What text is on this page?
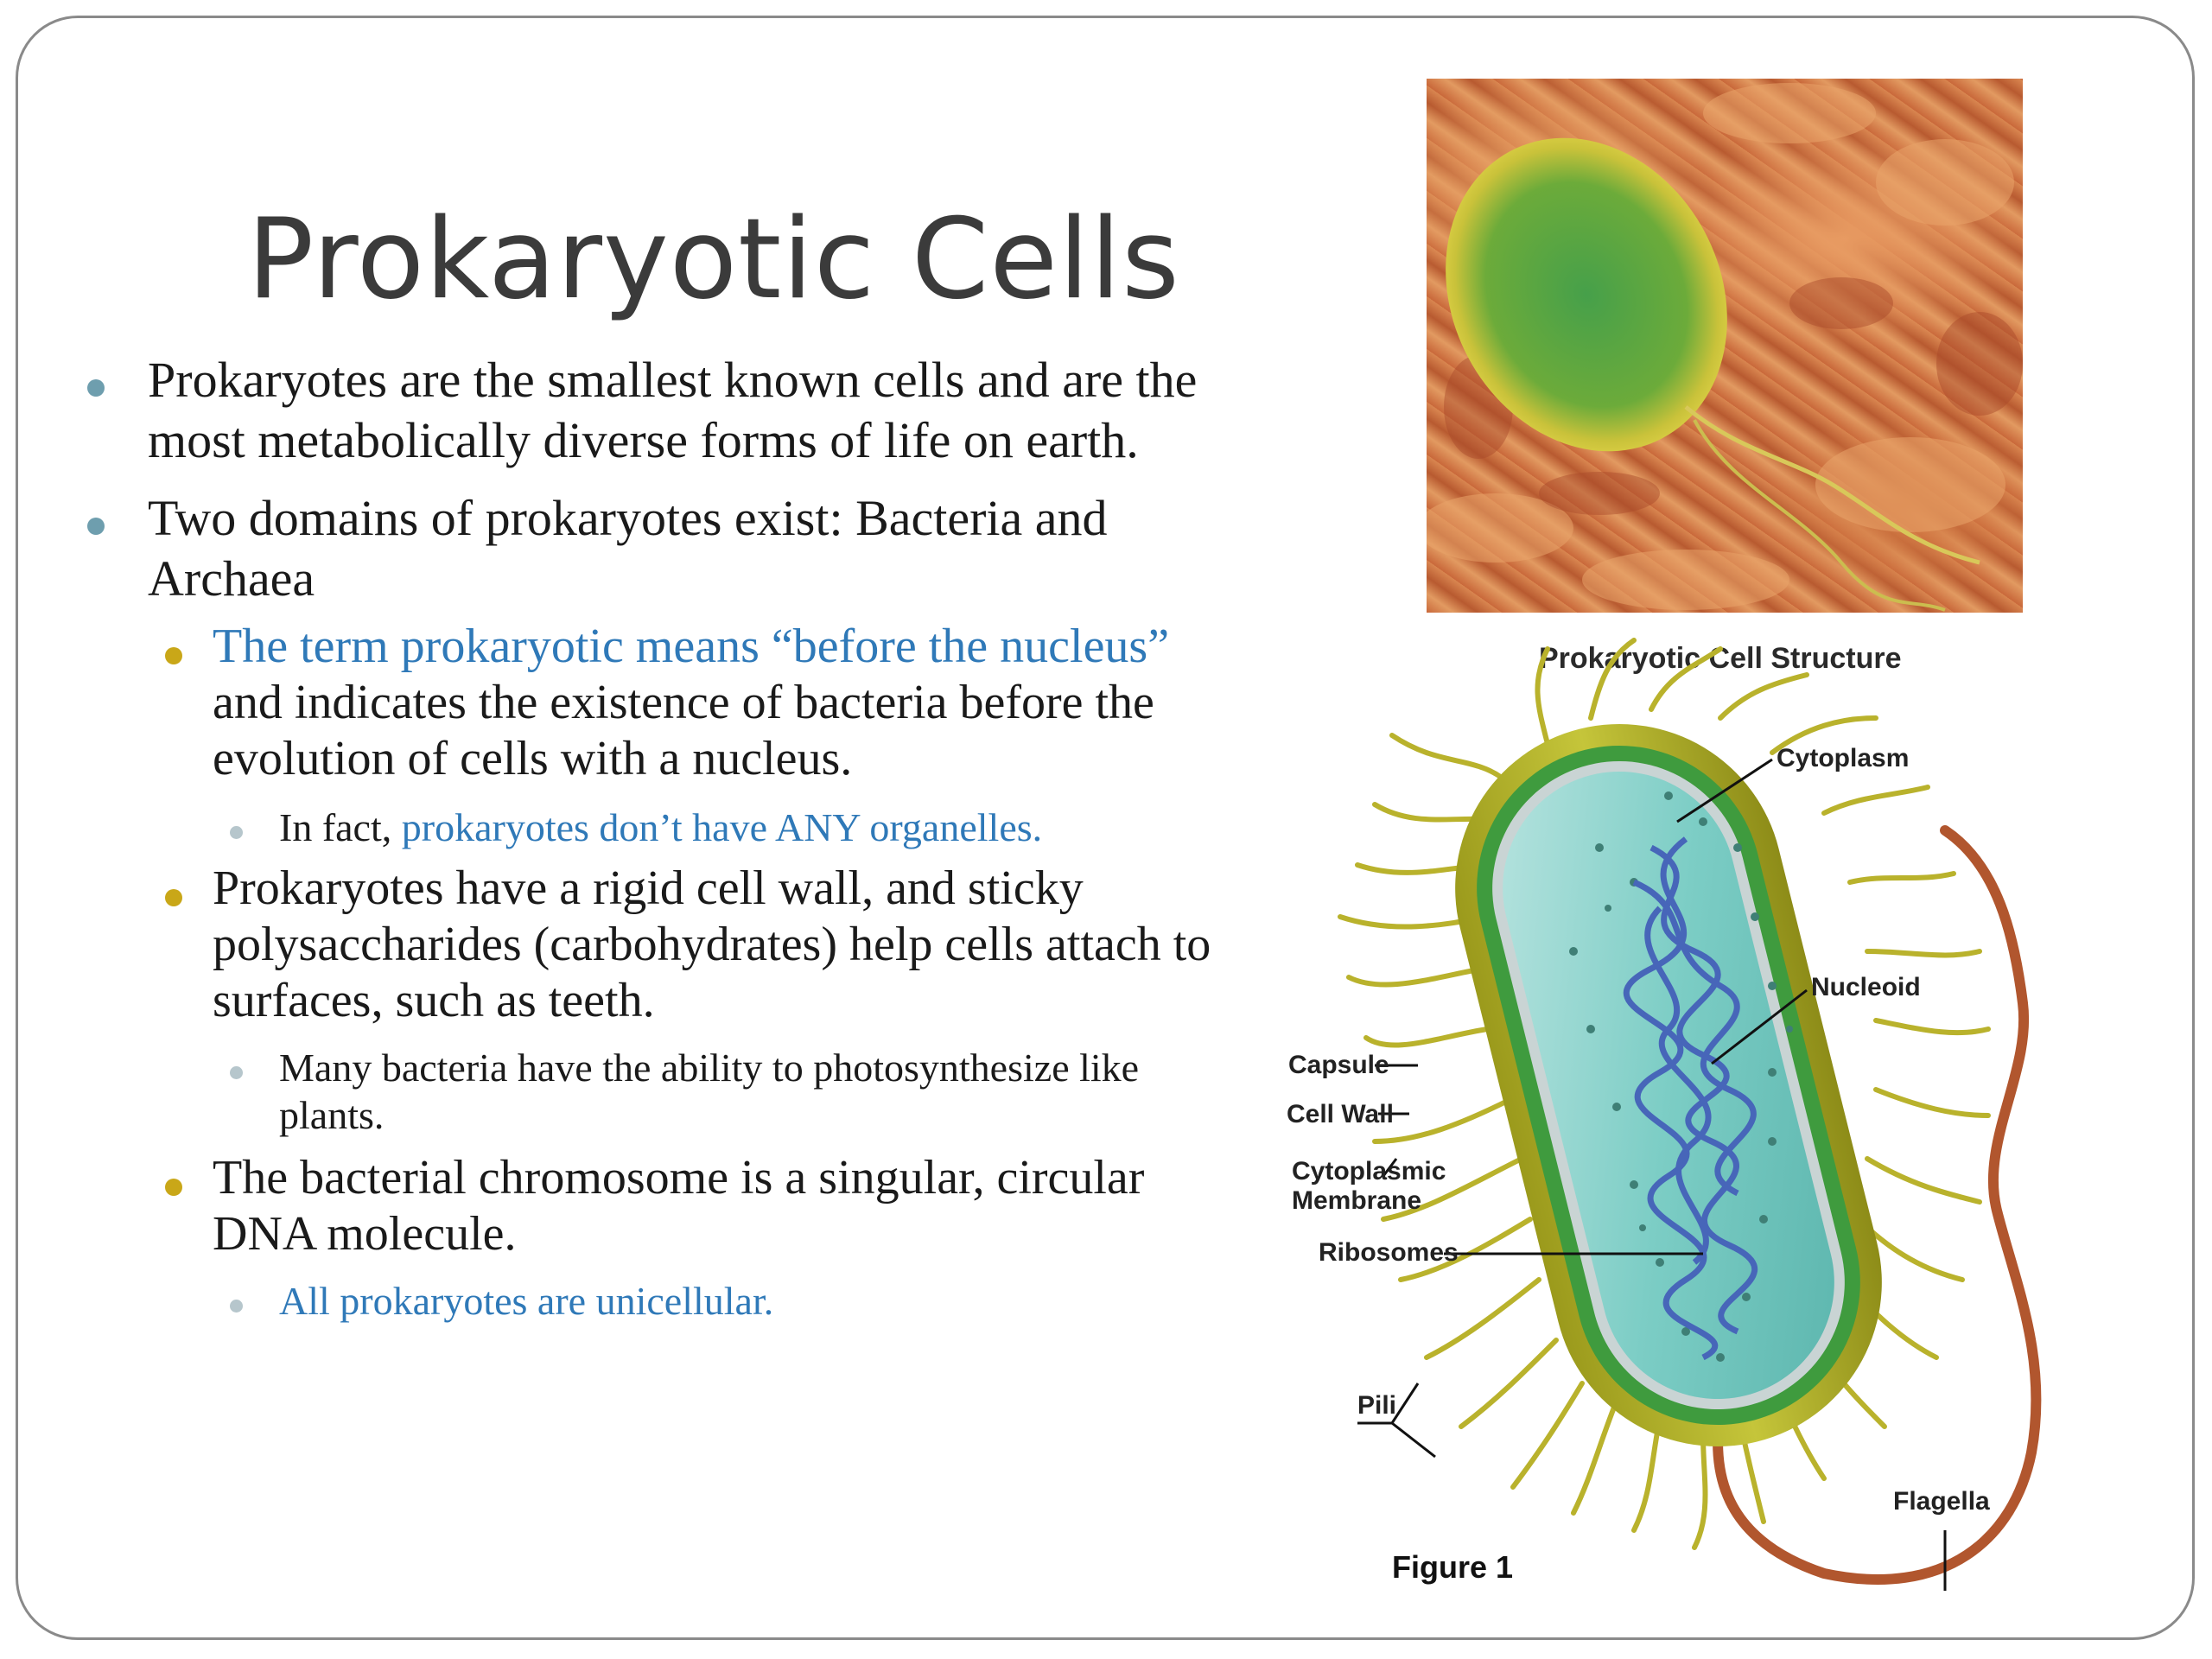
Prokaryotic Cells
Prokaryotes are the smallest known cells and are the
most metabolically diverse forms of life on earth.
Two domains of prokaryotes exist: Bacteria and
Archaea
The term prokaryotic means “before the nucleus”
and indicates the existence of bacteria before the
evolution of cells with a nucleus.
In fact, prokaryotes don’t have ANY organelles.
Prokaryotes have a rigid cell wall, and sticky
polysaccharides (carbohydrates) help cells attach to
surfaces, such as teeth.
Many bacteria have the ability to photosynthesize like
plants.
The bacterial chromosome is a singular, circular
DNA molecule.
All prokaryotes are unicellular.
Prokaryotic Cell Structure
Cytoplasm
Nucleoid
Capsule
Cell Wall
Cytoplasmic
Membrane
Ribosomes
Pili
Flagella
Figure 1
